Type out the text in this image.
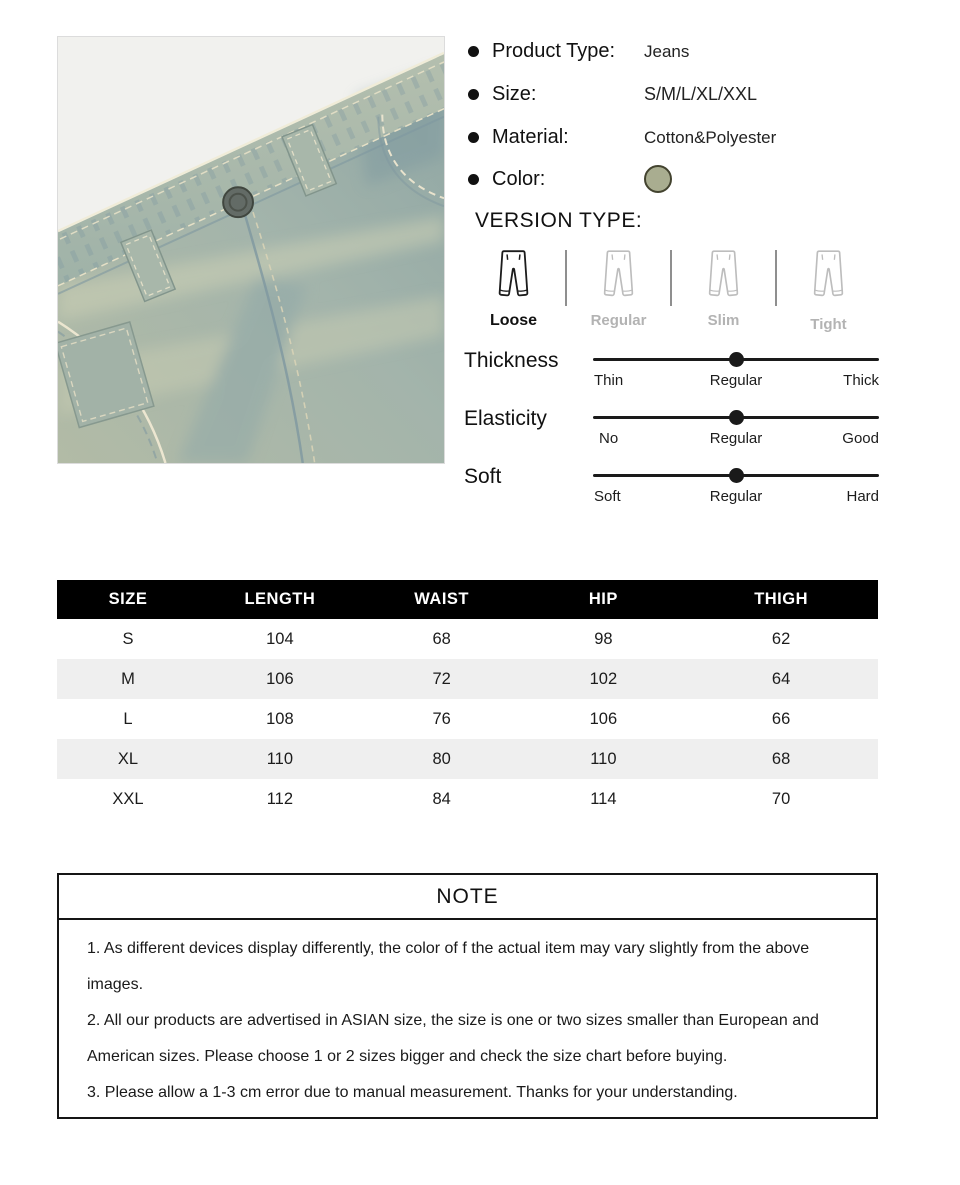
Product Type:	Jeans
Size:	S/M/L/XL/XXL
Material:	Cotton&Polyester
Color:
VERSION TYPE:
Loose	Regular	Slim	Tight
Thickness
Thin	Regular	Thick
Elasticity
No	Regular	Good
Soft
Soft	Regular	Hard
SIZE	LENGTH	WAIST	HIP	THIGH
S	104	68	98	62
M	106	72	102	64
L	108	76	106	66
XL	110	80	110	68
XXL	112	84	114	70
NOTE

1. As different devices display differently, the color of f the actual item may vary slightly from the above images.

2. All our products are advertised in ASIAN size, the size is one or two sizes smaller than European and American sizes. Please choose 1 or 2 sizes bigger and check the size chart before buying.

3. Please allow a 1-3 cm error due to manual measurement. Thanks for your understanding.
